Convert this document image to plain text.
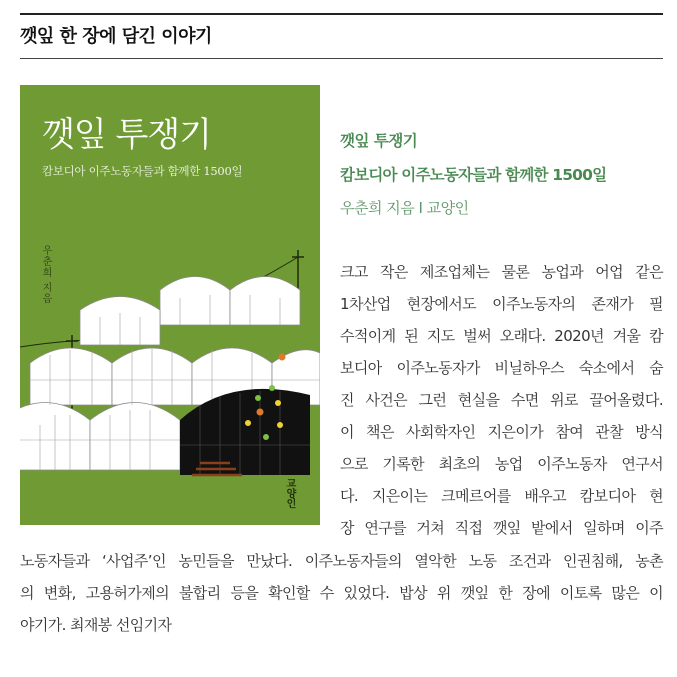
깻잎 한 장에 담긴 이야기
깻잎 투쟁기
캄보디아 이주노동자들과 함께한 1500일
우춘희 지음
교양인

깻잎 투쟁기

캄보디아 이주노동자들과 함께한 1500일

우춘희 지음 I 교양인

크고 작은 제조업체는 물론 농업과 어업 같은
1차산업 현장에서도 이주노동자의 존재가 필
수적이게 된 지도 벌써 오래다. 2020년 겨울 캄
보디아 이주노동자가 비닐하우스 숙소에서 숨
진 사건은 그런 현실을 수면 위로 끌어올렸다.
이 책은 사회학자인 지은이가 참여 관찰 방식
으로 기록한 최초의 농업 이주노동자 연구서
다. 지은이는 크메르어를 배우고 캄보디아 현
장 연구를 거쳐 직접 깻잎 밭에서 일하며 이주
노동자들과 ‘사업주’인 농민들을 만났다. 이주노동자들의 열악한 노동 조건과 인권침해, 농촌
의 변화, 고용허가제의 불합리 등을 확인할 수 있었다. 밥상 위 깻잎 한 장에 이토록 많은 이
야기가. 최재봉 선임기자
